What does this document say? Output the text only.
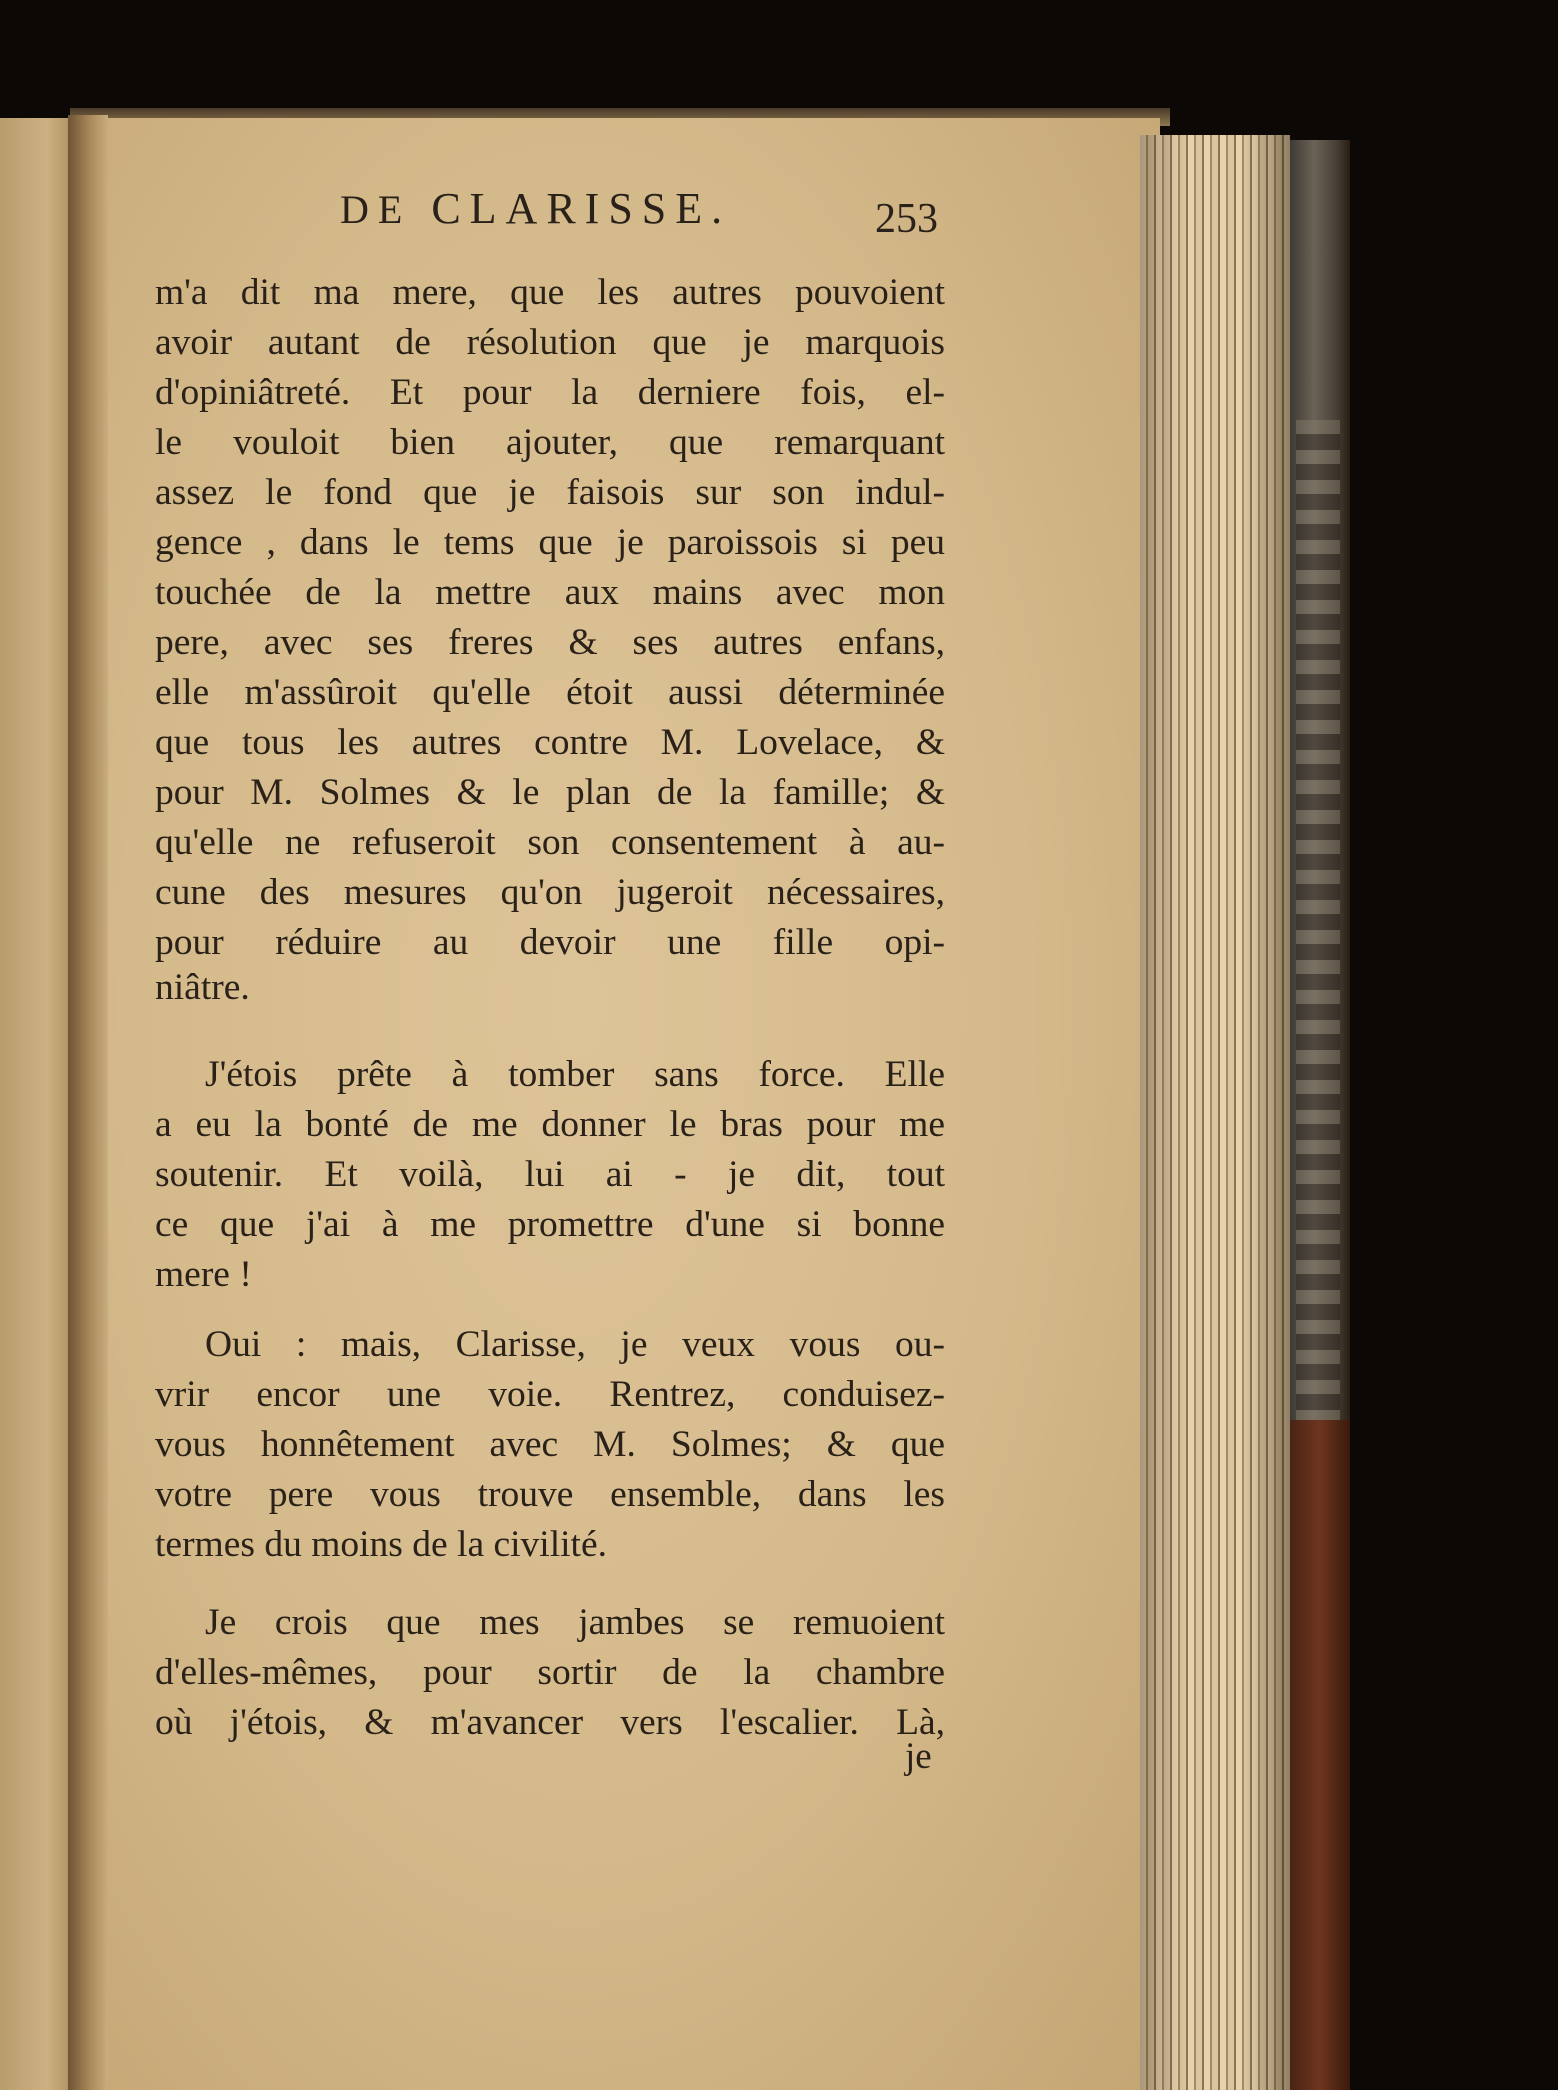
DE CLARISSE.	253
m'a dit ma mere, que les autres pouvoient
avoir autant de résolution que je marquois
d'opiniâtreté. Et pour la derniere fois, el-
le vouloit bien ajouter, que remarquant
assez le fond que je faisois sur son indul-
gence , dans le tems que je paroissois si peu
touchée de la mettre aux mains avec mon
pere, avec ses freres & ses autres enfans,
elle m'assûroit qu'elle étoit aussi déterminée
que tous les autres contre M. Lovelace, &
pour M. Solmes & le plan de la famille; &
qu'elle ne refuseroit son consentement à au-
cune des mesures qu'on jugeroit nécessaires,
pour réduire au devoir une fille opi-
niâtre.
J'étois prête à tomber sans force. Elle
a eu la bonté de me donner le bras pour me
soutenir. Et voilà, lui ai - je dit, tout
ce que j'ai à me promettre d'une si bonne
mere !
Oui : mais, Clarisse, je veux vous ou-
vrir encor une voie. Rentrez, conduisez-
vous honnêtement avec M. Solmes; & que
votre pere vous trouve ensemble, dans les
termes du moins de la civilité.
Je crois que mes jambes se remuoient
d'elles-mêmes, pour sortir de la chambre
où j'étois, & m'avancer vers l'escalier. Là,
je
